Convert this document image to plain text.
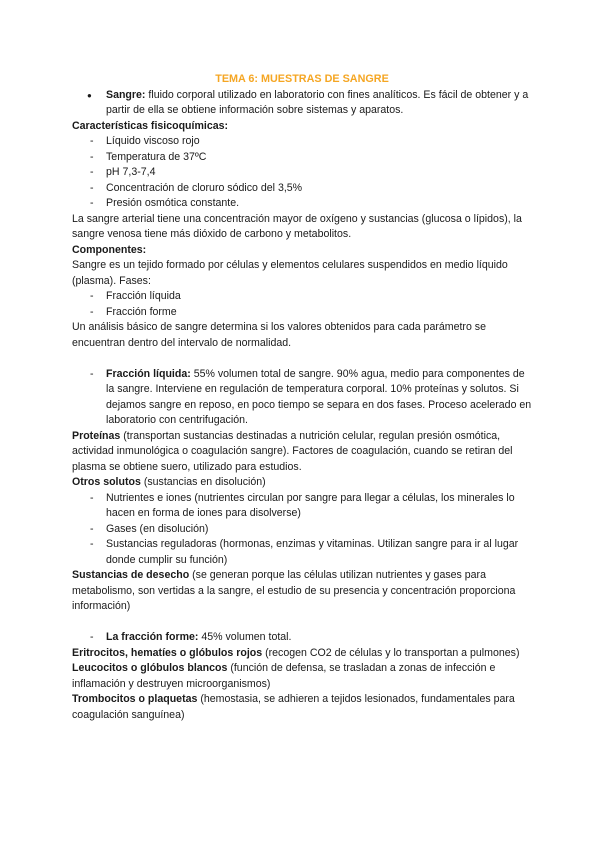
TEMA 6: MUESTRAS DE SANGRE
● Sangre: fluido corporal utilizado en laboratorio con fines analíticos. Es fácil de obtener y a partir de ella se obtiene información sobre sistemas y aparatos.

Características fisicoquímicas:

- Líquido viscoso rojo
- Temperatura de 37ºC
- pH 7,3-7,4
- Concentración de cloruro sódico del 3,5%
- Presión osmótica constante.

La sangre arterial tiene una concentración mayor de oxígeno y sustancias (glucosa o lípidos), la sangre venosa tiene más dióxido de carbono y metabolitos.

Componentes:

Sangre es un tejido formado por células y elementos celulares suspendidos en medio líquido (plasma). Fases:

- Fracción líquida
- Fracción forme

Un análisis básico de sangre determina si los valores obtenidos para cada parámetro se encuentran dentro del intervalo de normalidad.

- Fracción líquida: 55% volumen total de sangre. 90% agua, medio para componentes de la sangre. Interviene en regulación de temperatura corporal. 10% proteínas y solutos. Si dejamos sangre en reposo, en poco tiempo se separa en dos fases. Proceso acelerado en laboratorio con centrifugación.

Proteínas (transportan sustancias destinadas a nutrición celular, regulan presión osmótica, actividad inmunológica o coagulación sangre). Factores de coagulación, cuando se retiran del plasma se obtiene suero, utilizado para estudios.

Otros solutos (sustancias en disolución)

- Nutrientes e iones (nutrientes circulan por sangre para llegar a células, los minerales lo hacen en forma de iones para disolverse)
- Gases (en disolución)
- Sustancias reguladoras (hormonas, enzimas y vitaminas. Utilizan sangre para ir al lugar donde cumplir su función)

Sustancias de desecho (se generan porque las células utilizan nutrientes y gases para metabolismo, son vertidas a la sangre, el estudio de su presencia y concentración proporciona información)

- La fracción forme: 45% volumen total.

Eritrocitos, hematíes o glóbulos rojos (recogen CO2 de células y lo transportan a pulmones)

Leucocitos o glóbulos blancos (función de defensa, se trasladan a zonas de infección e inflamación y destruyen microorganismos)

Trombocitos o plaquetas (hemostasia, se adhieren a tejidos lesionados, fundamentales para coagulación sanguínea)
